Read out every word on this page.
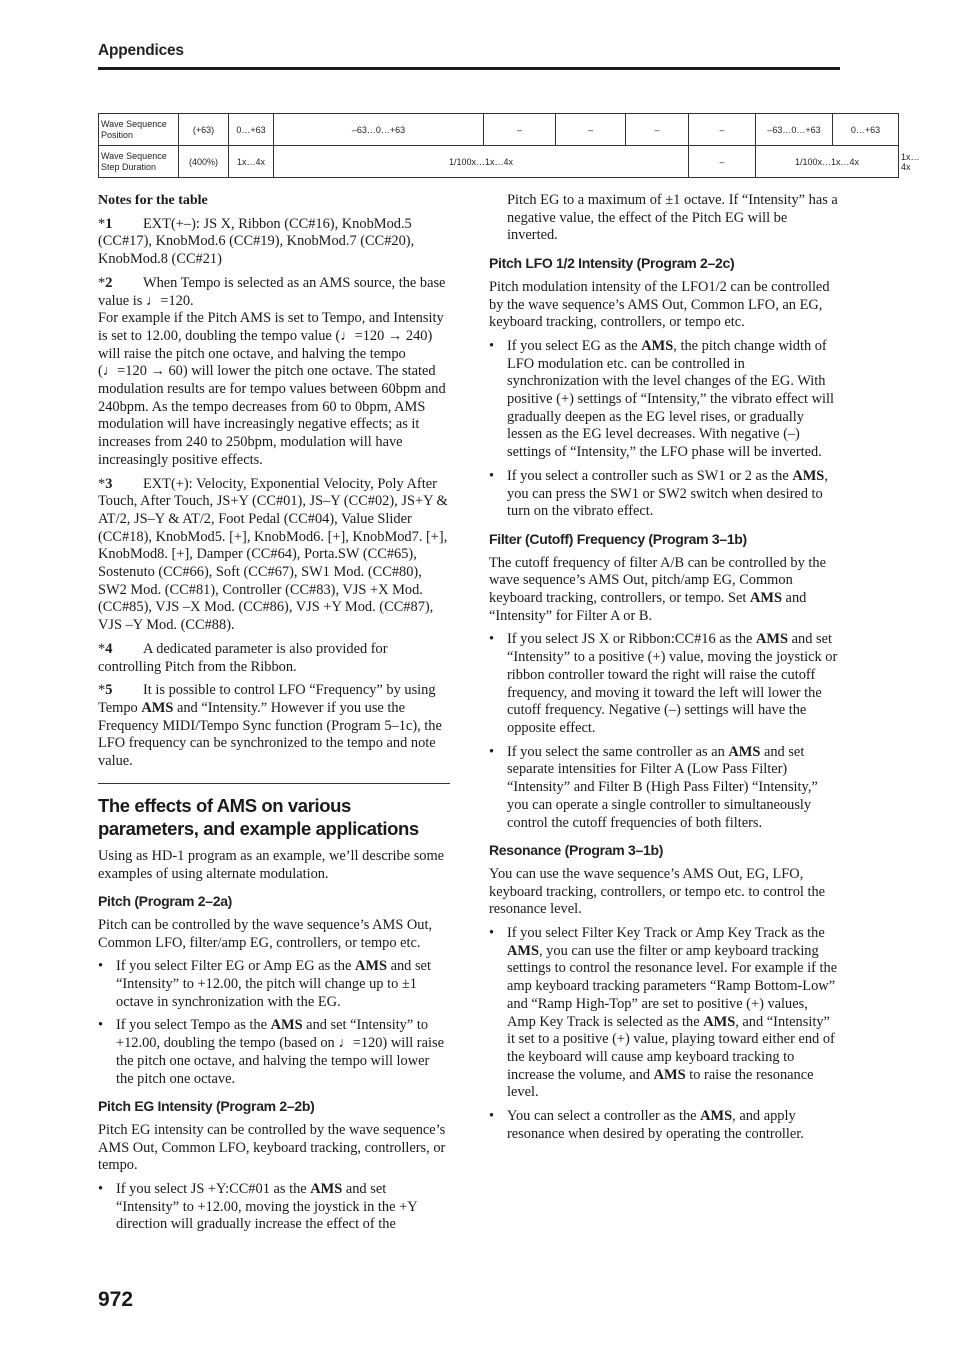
Appendices
Wave Sequence Position	(+63)	0…+63	–63…0…+63	–	–	–	–	–63…0…+63	0…+63	
Wave Sequence Step Duration	(400%)	1x…4x	1/100x…1x…4x				–	1/100x…1x…4x		1x…4x
Notes for the table

*1 EXT(+–): JS X, Ribbon (CC#16), KnobMod.5 (CC#17), KnobMod.6 (CC#19), KnobMod.7 (CC#20), KnobMod.8 (CC#21)

*2 When Tempo is selected as an AMS source, the base value is ♩=120.

For example if the Pitch AMS is set to Tempo, and Intensity is set to 12.00, doubling the tempo value (♩=120 → 240) will raise the pitch one octave, and halving the tempo (♩=120 → 60) will lower the pitch one octave. The stated modulation results are for tempo values between 60bpm and 240bpm. As the tempo decreases from 60 to 0bpm, AMS modulation will have increasingly negative effects; as it increases from 240 to 250bpm, modulation will have increasingly positive effects.

*3 EXT(+): Velocity, Exponential Velocity, Poly After Touch, After Touch, JS+Y (CC#01), JS–Y (CC#02), JS+Y & AT/2, JS–Y & AT/2, Foot Pedal (CC#04), Value Slider (CC#18), KnobMod5. [+], KnobMod6. [+], KnobMod7. [+], KnobMod8. [+], Damper (CC#64), Porta.SW (CC#65), Sostenuto (CC#66), Soft (CC#67), SW1 Mod. (CC#80), SW2 Mod. (CC#81), Controller (CC#83), VJS +X Mod. (CC#85), VJS –X Mod. (CC#86), VJS +Y Mod. (CC#87), VJS –Y Mod. (CC#88).

*4 A dedicated parameter is also provided for controlling Pitch from the Ribbon.

*5 It is possible to control LFO “Frequency” by using Tempo AMS and “Intensity.” However if you use the Frequency MIDI/Tempo Sync function (Program 5–1c), the LFO frequency can be synchronized to the tempo and note value.

The effects of AMS on various parameters, and example applications

Using as HD-1 program as an example, we’ll describe some examples of using alternate modulation.

Pitch (Program 2–2a)

Pitch can be controlled by the wave sequence’s AMS Out, Common LFO, filter/amp EG, controllers, or tempo etc.

• If you select Filter EG or Amp EG as the AMS and set “Intensity” to +12.00, the pitch will change up to ±1 octave in synchronization with the EG.
• If you select Tempo as the AMS and set “Intensity” to +12.00, doubling the tempo (based on ♩=120) will raise the pitch one octave, and halving the tempo will lower the pitch one octave.
Pitch EG Intensity (Program 2–2b)

Pitch EG intensity can be controlled by the wave sequence’s AMS Out, Common LFO, keyboard tracking, controllers, or tempo.

• If you select JS +Y:CC#01 as the AMS and set “Intensity” to +12.00, moving the joystick in the +Y direction will gradually increase the effect of the

Pitch EG to a maximum of ±1 octave. If “Intensity” has a negative value, the effect of the Pitch EG will be inverted.

Pitch LFO 1/2 Intensity (Program 2–2c)

Pitch modulation intensity of the LFO1/2 can be controlled by the wave sequence’s AMS Out, Common LFO, an EG, keyboard tracking, controllers, or tempo etc.

• If you select EG as the AMS, the pitch change width of LFO modulation etc. can be controlled in synchronization with the level changes of the EG. With positive (+) settings of “Intensity,” the vibrato effect will gradually deepen as the EG level rises, or gradually lessen as the EG level decreases. With negative (–) settings of “Intensity,” the LFO phase will be inverted.
• If you select a controller such as SW1 or 2 as the AMS, you can press the SW1 or SW2 switch when desired to turn on the vibrato effect.
Filter (Cutoff) Frequency (Program 3–1b)

The cutoff frequency of filter A/B can be controlled by the wave sequence’s AMS Out, pitch/amp EG, Common keyboard tracking, controllers, or tempo. Set AMS and “Intensity” for Filter A or B.

• If you select JS X or Ribbon:CC#16 as the AMS and set “Intensity” to a positive (+) value, moving the joystick or ribbon controller toward the right will raise the cutoff frequency, and moving it toward the left will lower the cutoff frequency. Negative (–) settings will have the opposite effect.
• If you select the same controller as an AMS and set separate intensities for Filter A (Low Pass Filter) “Intensity” and Filter B (High Pass Filter) “Intensity,” you can operate a single controller to simultaneously control the cutoff frequencies of both filters.
Resonance (Program 3–1b)

You can use the wave sequence’s AMS Out, EG, LFO, keyboard tracking, controllers, or tempo etc. to control the resonance level.

• If you select Filter Key Track or Amp Key Track as the AMS, you can use the filter or amp keyboard tracking settings to control the resonance level. For example if the amp keyboard tracking parameters “Ramp Bottom-Low” and “Ramp High-Top” are set to positive (+) values, Amp Key Track is selected as the AMS, and “Intensity” it set to a positive (+) value, playing toward either end of the keyboard will cause amp keyboard tracking to increase the volume, and AMS to raise the resonance level.
• You can select a controller as the AMS, and apply resonance when desired by operating the controller.
972
